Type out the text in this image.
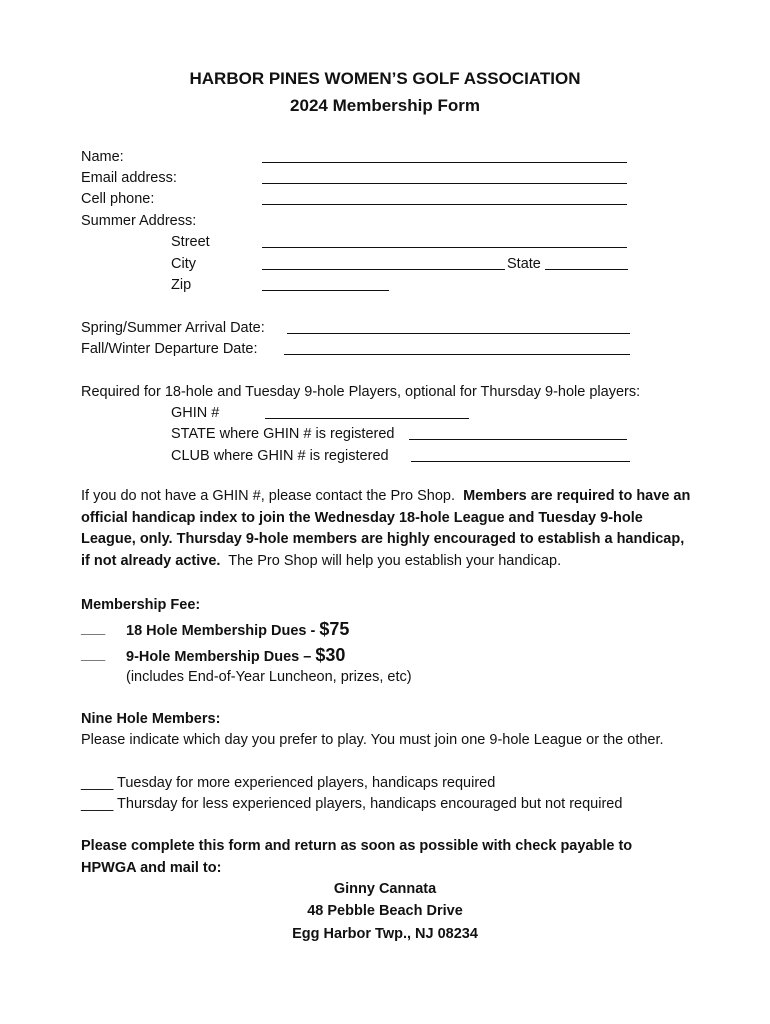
HARBOR PINES WOMEN’S GOLF ASSOCIATION
2024 Membership Form
Name:
Email address:
Cell phone:
Summer Address:
Street
City	State
Zip
Spring/Summer Arrival Date:
Fall/Winter Departure Date:
Required for 18-hole and Tuesday 9-hole Players, optional for Thursday 9-hole players:
GHIN #
STATE where GHIN # is registered
CLUB where GHIN # is registered
If you do not have a GHIN #, please contact the Pro Shop. Members are required to have an official handicap index to join the Wednesday 18-hole League and Tuesday 9-hole League, only. Thursday 9-hole members are highly encouraged to establish a handicap, if not already active. The Pro Shop will help you establish your handicap.
Membership Fee:
___ 18 Hole Membership Dues - $75
___ 9-Hole Membership Dues – $30
(includes End-of-Year Luncheon, prizes, etc)
Nine Hole Members:
Please indicate which day you prefer to play. You must join one 9-hole League or the other.
____ Tuesday for more experienced players, handicaps required
____ Thursday for less experienced players, handicaps encouraged but not required
Please complete this form and return as soon as possible with check payable to HPWGA and mail to:
Ginny Cannata
48 Pebble Beach Drive
Egg Harbor Twp., NJ 08234
